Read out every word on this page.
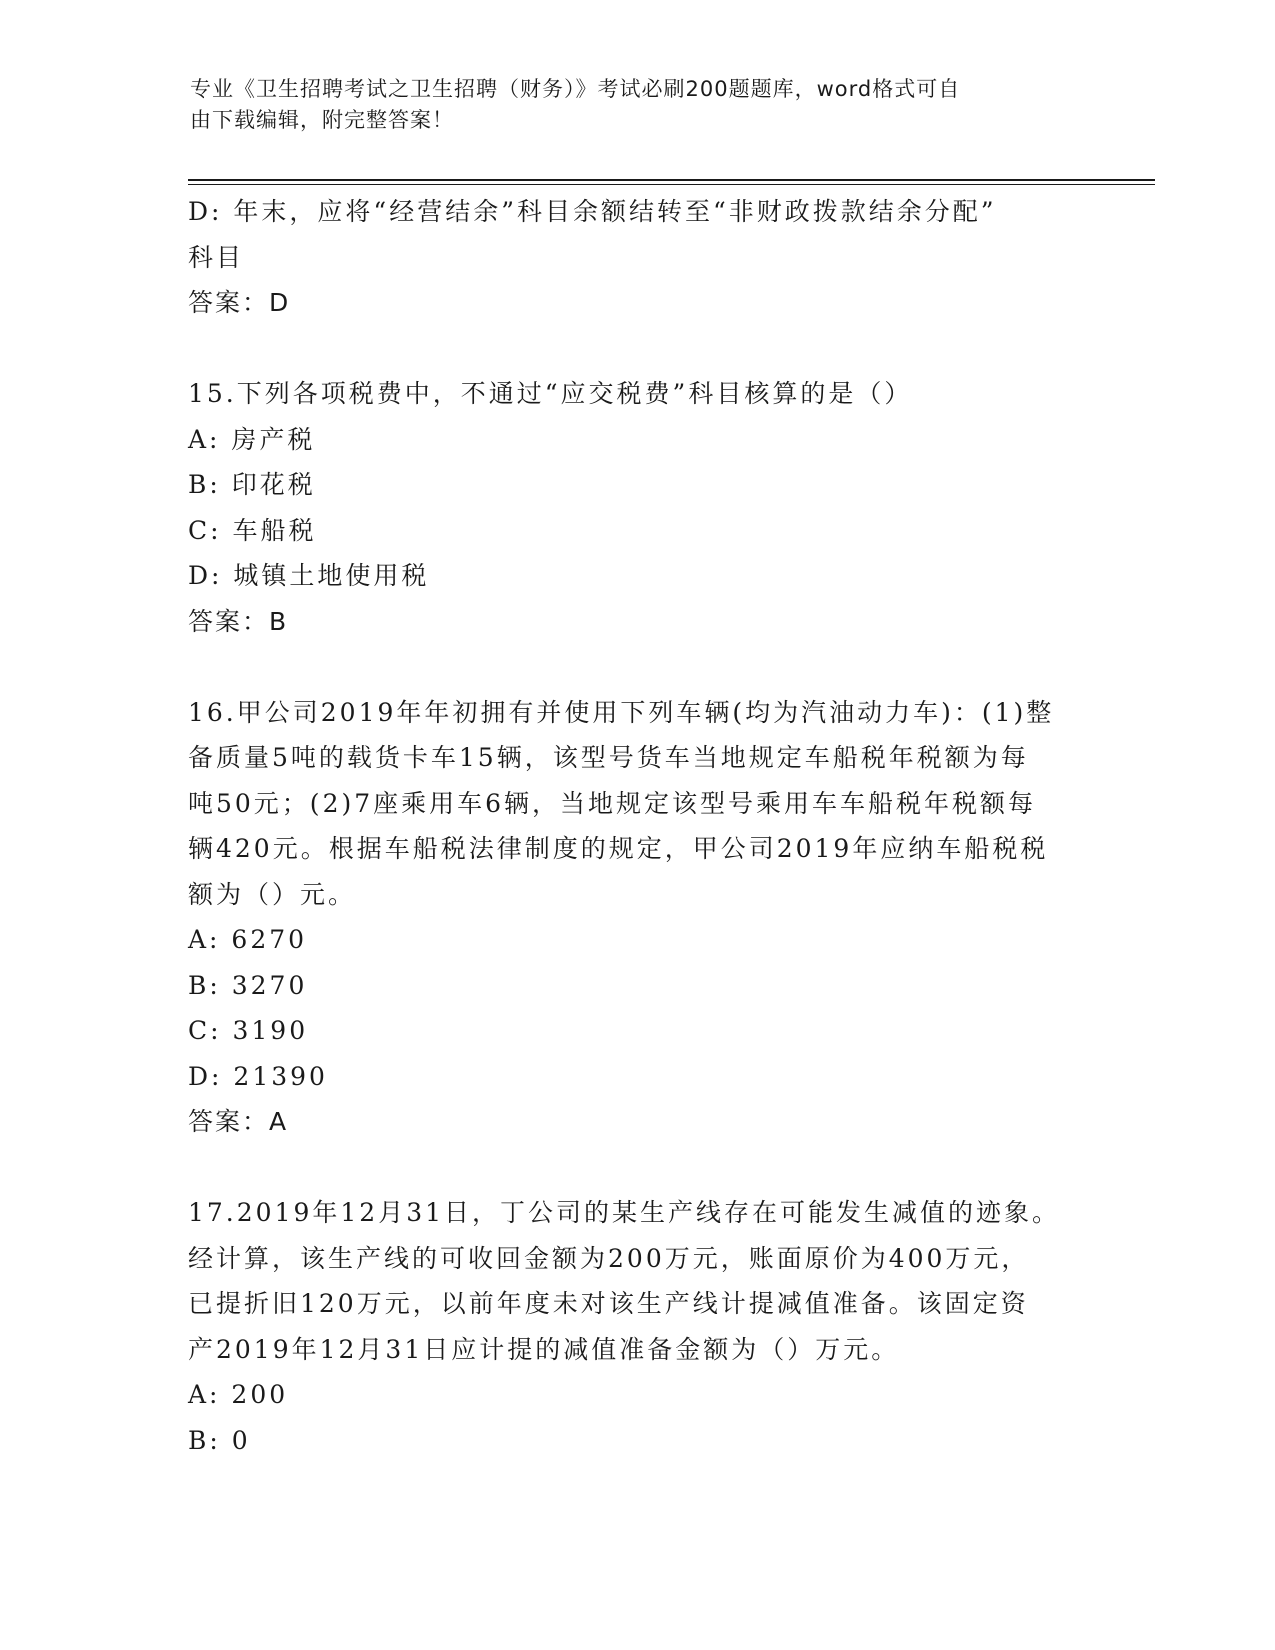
专业《卫生招聘考试之卫生招聘（财务）》考试必刷200题题库，word格式可自
由下载编辑，附完整答案！
D: 年末，应将“经营结余”科目余额结转至“非财政拨款结余分配”
科目
答案：D
15.下列各项税费中，不通过“应交税费”科目核算的是（）
A: 房产税
B: 印花税
C: 车船税
D: 城镇土地使用税
答案：B
16.甲公司2019年年初拥有并使用下列车辆(均为汽油动力车)：(1)整
备质量5吨的载货卡车15辆，该型号货车当地规定车船税年税额为每
吨50元；(2)7座乘用车6辆，当地规定该型号乘用车车船税年税额每
辆420元。根据车船税法律制度的规定，甲公司2019年应纳车船税税
额为（）元。
A: 6270
B: 3270
C: 3190
D: 21390
答案：A
17.2019年12月31日，丁公司的某生产线存在可能发生减值的迹象。
经计算，该生产线的可收回金额为200万元，账面原价为400万元，
已提折旧120万元，以前年度未对该生产线计提减值准备。该固定资
产2019年12月31日应计提的减值准备金额为（）万元。
A: 200
B: 0
